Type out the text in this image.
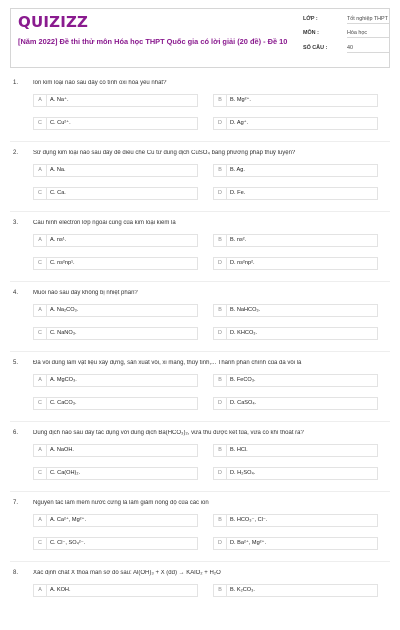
QUIZIZZ
[Năm 2022] Đề thi thử môn Hóa học THPT Quốc gia có lời giải (20 đề) - Đề 10
LỚP :	Tốt nghiệp THPT
MÔN :	Hóa học
SỐ CÂU :	40
1. Ion kim loại nào sau đây có tính oxi hóa yếu nhất?
A	A. Na⁺.	B	B. Mg²⁺.
C	C. Cu²⁺.	D	D. Ag⁺.
2. Sử dụng kim loại nào sau đây để điều chế Cu từ dung dịch CuSO₄ bằng phương pháp thuỷ luyện?
A	A. Na.	B	B. Ag.
C	C. Ca.	D	D. Fe.
3. Cấu hình electron lớp ngoài cùng của kim loại kiềm là
A	A. ns¹.	B	B. ns².
C	C. ns²np¹.	D	D. ns²np².
4. Muối nào sau đây không bị nhiệt phân?
A	A. Na₂CO₃.	B	B. NaHCO₃.
C	C. NaNO₃.	D	D. KHCO₃.
5. Đá vôi dùng làm vật liệu xây dựng, sản xuất vôi, xi măng, thủy tinh,... Thành phần chính của đá vôi là
A	A. MgCO₃.	B	B. FeCO₃.
C	C. CaCO₃.	D	D. CaSO₄.
6. Dung dịch nào sau đây tác dụng với dung dịch Ba(HCO₃)₂, vừa thu được kết tủa, vừa có khí thoát ra?
A	A. NaOH.	B	B. HCl.
C	C. Ca(OH)₂.	D	D. H₂SO₄.
7. Nguyên tắc làm mềm nước cứng là làm giảm nồng độ của các ion
A	A. Ca²⁺, Mg²⁺.	B	B. HCO₃⁻, Cl⁻.
C	C. Cl⁻, SO₄²⁻.	D	D. Ba²⁺, Mg²⁺.
8. Xác định chất X thỏa mãn sơ đồ sau: Al(OH)₃ + X (dd) → KAlO₂ + H₂O
A	A. KOH.	B	B. K₂CO₃.
